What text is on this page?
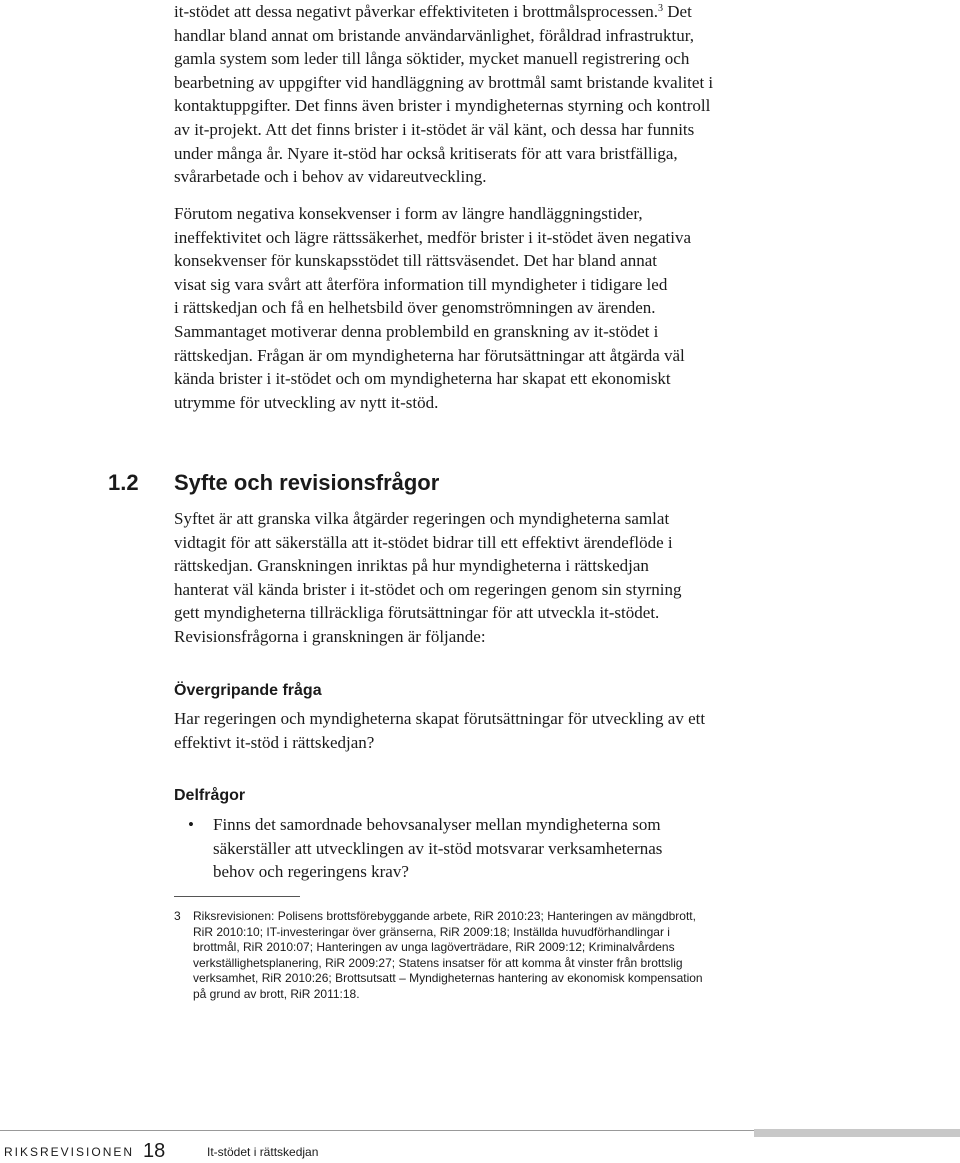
it-stödet att dessa negativt påverkar effektiviteten i brottmålsprocessen.$^3$ Det
handlar bland annat om bristande användarvänlighet, föråldrad infrastruktur,
gamla system som leder till långa söktider, mycket manuell registrering och
bearbetning av uppgifter vid handläggning av brottmål samt bristande kvalitet i
kontaktuppgifter. Det finns även brister i myndigheternas styrning och kontroll
av it-projekt. Att det finns brister i it-stödet är väl känt, och dessa har funnits
under många år. Nyare it-stöd har också kritiserats för att vara bristfälliga,
svårarbetade och i behov av vidareutveckling.
Förutom negativa konsekvenser i form av längre handläggningstider,
ineffektivitet och lägre rättssäkerhet, medför brister i it-stödet även negativa
konsekvenser för kunskapsstödet till rättsväsendet. Det har bland annat
visat sig vara svårt att återföra information till myndigheter i tidigare led
i rättskedjan och få en helhetsbild över genomströmningen av ärenden.
Sammantaget motiverar denna problembild en granskning av it-stödet i
rättskedjan. Frågan är om myndigheterna har förutsättningar att åtgärda väl
kända brister i it-stödet och om myndigheterna har skapat ett ekonomiskt
utrymme för utveckling av nytt it-stöd.
1.2 Syfte och revisionsfrågor
Syftet är att granska vilka åtgärder regeringen och myndigheterna samlat
vidtagit för att säkerställa att it-stödet bidrar till ett effektivt ärendeflöde i
rättskedjan. Granskningen inriktas på hur myndigheterna i rättskedjan
hanterat väl kända brister i it-stödet och om regeringen genom sin styrning
gett myndigheterna tillräckliga förutsättningar för att utveckla it-stödet.
Revisionsfrågorna i granskningen är följande:
Övergripande fråga
Har regeringen och myndigheterna skapat förutsättningar för utveckling av ett
effektivt it-stöd i rättskedjan?
Delfrågor
• Finns det samordnade behovsanalyser mellan myndigheterna som
säkerställer att utvecklingen av it-stöd motsvarar verksamheternas
behov och regeringens krav?
3 Riksrevisionen: Polisens brottsförebyggande arbete, RiR 2010:23; Hanteringen av mängdbrott,
RiR 2010:10; IT-investeringar över gränserna, RiR 2009:18; Inställda huvudförhandlingar i
brottmål, RiR 2010:07; Hanteringen av unga lagöverträdare, RiR 2009:12; Kriminalvårdens
verkställighetsplanering, RiR 2009:27; Statens insatser för att komma åt vinster från brottslig
verksamhet, RiR 2010:26; Brottsutsatt – Myndigheternas hantering av ekonomisk kompensation
på grund av brott, RiR 2011:18.
RIKSREVISIONEN 18	It-stödet i rättskedjan
